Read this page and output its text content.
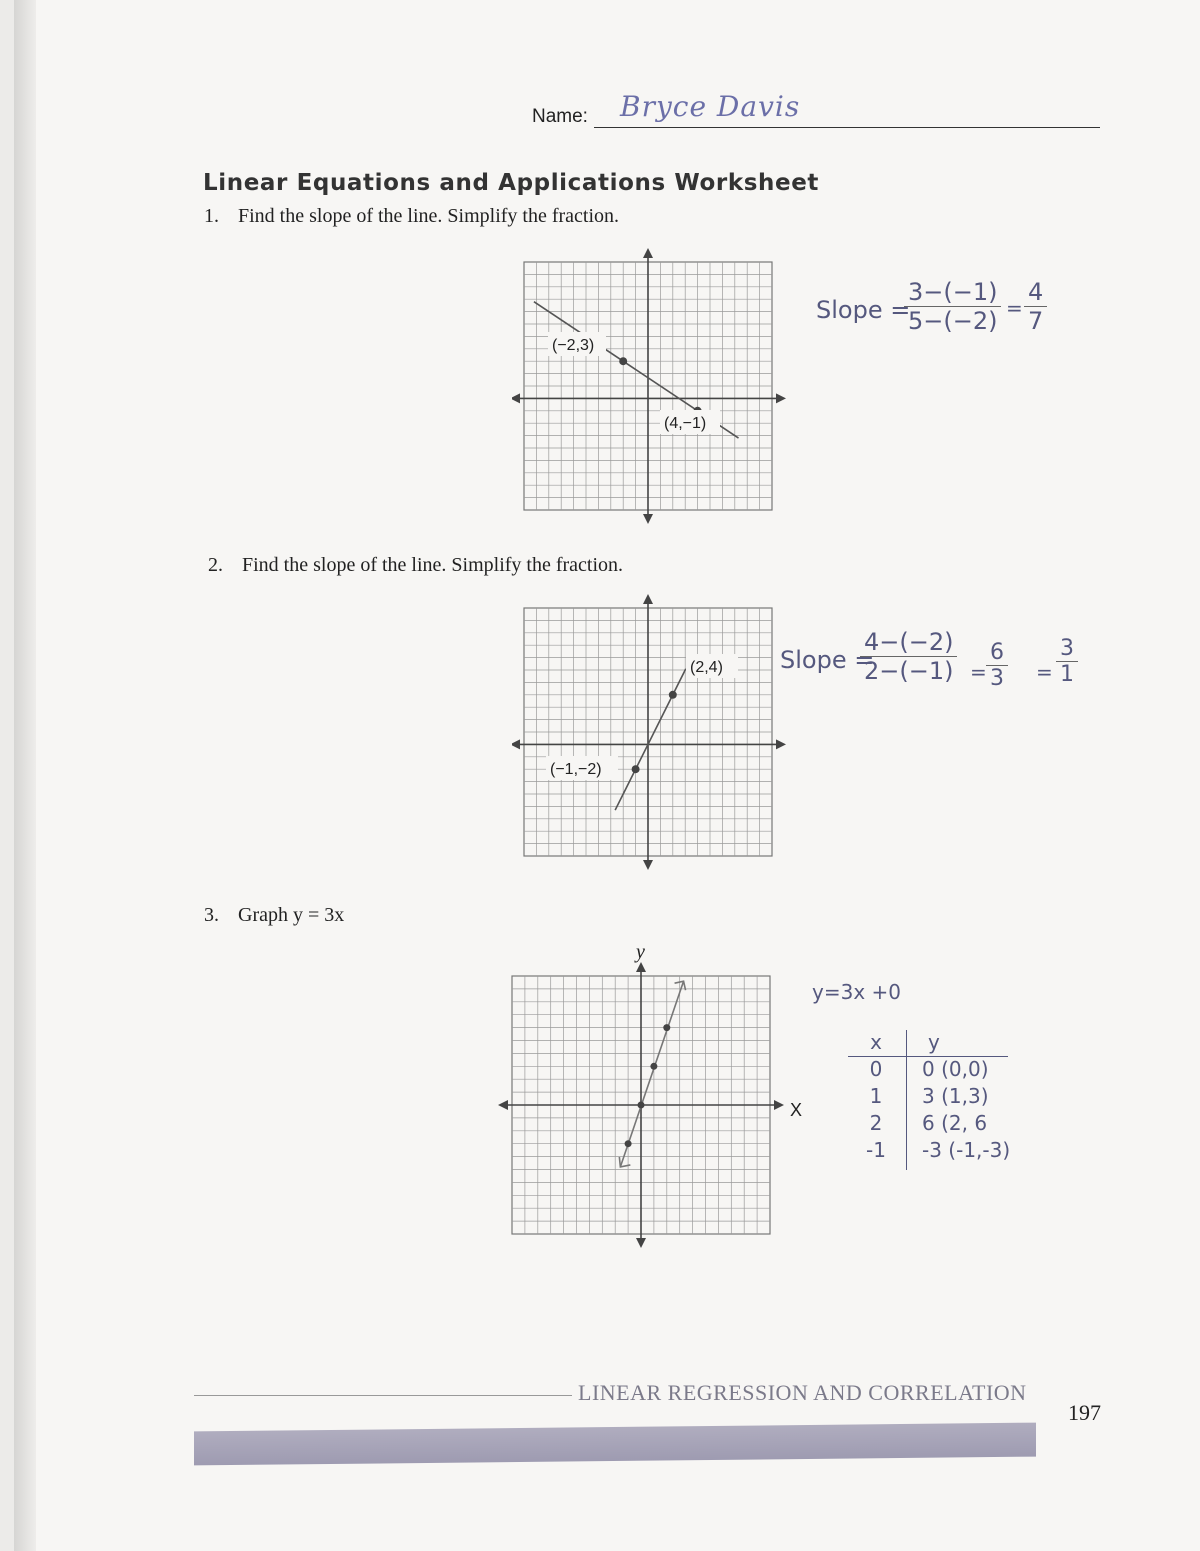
Name: Bryce Davis
Linear Equations and Applications Worksheet
1. Find the slope of the line. Simplify the fraction.
(−2,3)
(4,−1)
Slope =
$\frac{3-(-1)}{5-(-2)} = \frac{4}{7}$
2. Find the slope of the line. Simplify the fraction.
(2,4)
(−1,−2)
Slope =
$\frac{4-(-2)}{2-(-1)} = \frac{6}{3} = \frac{3}{1}$
3. Graph y = 3x
y
X
y=3x +0
x	y
0	0 (0,0)
1	3 (1,3)
2	6 (2, 6
-1	-3 (-1,-3)
LINEAR REGRESSION AND CORRELATION
197
